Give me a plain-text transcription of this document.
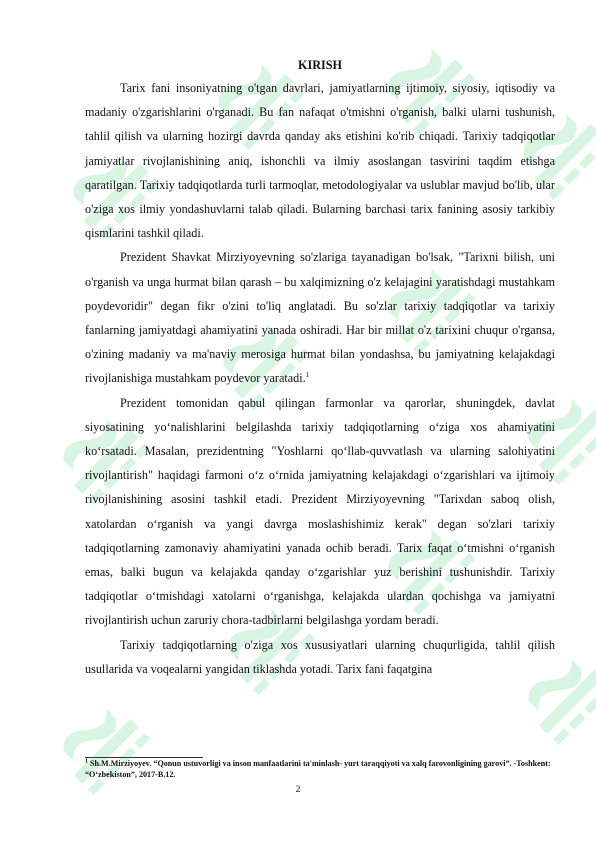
KIRISH

Tarix fani insoniyatning o'tgan davrlari, jamiyatlarning ijtimoiy, siyosiy, iqtisodiy va madaniy o'zgarishlarini o'rganadi. Bu fan nafaqat o'tmishni o'rganish, balki ularni tushunish, tahlil qilish va ularning hozirgi davrda qanday aks etishini ko'rib chiqadi. Tarixiy tadqiqotlar jamiyatlar rivojlanishining aniq, ishonchli va ilmiy asoslangan tasvirini taqdim etishga qaratilgan. Tarixiy tadqiqotlarda turli tarmoqlar, metodologiyalar va uslublar mavjud bo'lib, ular o'ziga xos ilmiy yondashuvlarni talab qiladi. Bularning barchasi tarix fanining asosiy tarkibiy qismlarini tashkil qiladi.

Prezident Shavkat Mirziyoyevning so'zlariga tayanadigan bo'lsak, "Tarixni bilish, uni o'rganish va unga hurmat bilan qarash – bu xalqimizning o'z kelajagini yaratishdagi mustahkam poydevoridir" degan fikr o'zini to'liq anglatadi. Bu so'zlar tarixiy tadqiqotlar va tarixiy fanlarning jamiyatdagi ahamiyatini yanada oshiradi. Har bir millat o'z tarixini chuqur o'rgansa, o'zining madaniy va ma'naviy merosiga hurmat bilan yondashsa, bu jamiyatning kelajakdagi rivojlanishiga mustahkam poydevor yaratadi.$^1$

Prezident tomonidan qabul qilingan farmonlar va qarorlar, shuningdek, davlat siyosatining yo‘nalishlarini belgilashda tarixiy tadqiqotlarning o‘ziga xos ahamiyatini ko‘rsatadi. Masalan, prezidentning "Yoshlarni qo‘llab-quvvatlash va ularning salohiyatini rivojlantirish" haqidagi farmoni o‘z o‘rnida jamiyatning kelajakdagi o‘zgarishlari va ijtimoiy rivojlanishining asosini tashkil etadi. Prezident Mirziyoyevning "Tarixdan saboq olish, xatolardan o‘rganish va yangi davrga moslashishimiz kerak" degan so'zlari tarixiy tadqiqotlarning zamonaviy ahamiyatini yanada ochib beradi. Tarix faqat o‘tmishni o‘rganish emas, balki bugun va kelajakda qanday o‘zgarishlar yuz berishini tushunishdir. Tarixiy tadqiqotlar o‘tmishdagi xatolarni o‘rganishga, kelajakda ulardan qochishga va jamiyatni rivojlantirish uchun zaruriy chora-tadbirlarni belgilashga yordam beradi.

Tarixiy tadqiqotlarning o'ziga xos xususiyatlari ularning chuqurligida, tahlil qilish usullarida va voqealarni yangidan tiklashda yotadi. Tarix fani faqatgina

$^1$ Sh.M.Mirziyoyev. “Qonun ustuvorligi va inson manfaatlarini ta'minlash- yurt taraqqiyoti va xalq farovonligining garovi”. -Toshkent: “O‘zbekiston”, 2017-B.12.
2
